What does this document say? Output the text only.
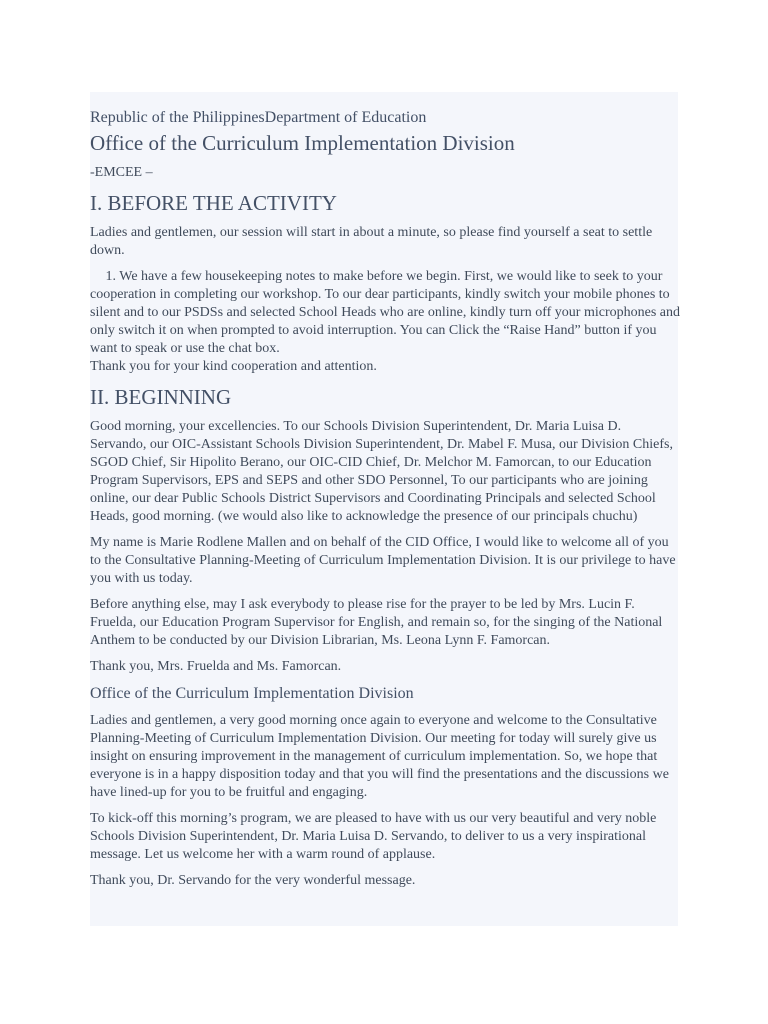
Republic of the PhilippinesDepartment of Education

Office of the Curriculum Implementation Division

-EMCEE –

I. BEFORE THE ACTIVITY

Ladies and gentlemen, our session will start in about a minute, so please find yourself a seat to settle down.

1. We have a few housekeeping notes to make before we begin. First, we would like to seek to your cooperation in completing our workshop. To our dear participants, kindly switch your mobile phones to silent and to our PSDSs and selected School Heads who are online, kindly turn off your microphones and only switch it on when prompted to avoid interruption. You can Click the “Raise Hand” button if you want to speak or use the chat box.

Thank you for your kind cooperation and attention.

II. BEGINNING

Good morning, your excellencies. To our Schools Division Superintendent, Dr. Maria Luisa D. Servando, our OIC-Assistant Schools Division Superintendent, Dr. Mabel F. Musa, our Division Chiefs, SGOD Chief, Sir Hipolito Berano, our OIC-CID Chief, Dr. Melchor M. Famorcan, to our Education Program Supervisors, EPS and SEPS and other SDO Personnel, To our participants who are joining online, our dear Public Schools District Supervisors and Coordinating Principals and selected School Heads, good morning. (we would also like to acknowledge the presence of our principals chuchu)

My name is Marie Rodlene Mallen and on behalf of the CID Office, I would like to welcome all of you to the Consultative Planning-Meeting of Curriculum Implementation Division. It is our privilege to have you with us today.

Before anything else, may I ask everybody to please rise for the prayer to be led by Mrs. Lucin F. Fruelda, our Education Program Supervisor for English, and remain so, for the singing of the National Anthem to be conducted by our Division Librarian, Ms. Leona Lynn F. Famorcan.

Thank you, Mrs. Fruelda and Ms. Famorcan.

Office of the Curriculum Implementation Division

Ladies and gentlemen, a very good morning once again to everyone and welcome to the Consultative Planning-Meeting of Curriculum Implementation Division. Our meeting for today will surely give us insight on ensuring improvement in the management of curriculum implementation. So, we hope that everyone is in a happy disposition today and that you will find the presentations and the discussions we have lined-up for you to be fruitful and engaging.

To kick-off this morning’s program, we are pleased to have with us our very beautiful and very noble Schools Division Superintendent, Dr. Maria Luisa D. Servando, to deliver to us a very inspirational message. Let us welcome her with a warm round of applause.

Thank you, Dr. Servando for the very wonderful message.
